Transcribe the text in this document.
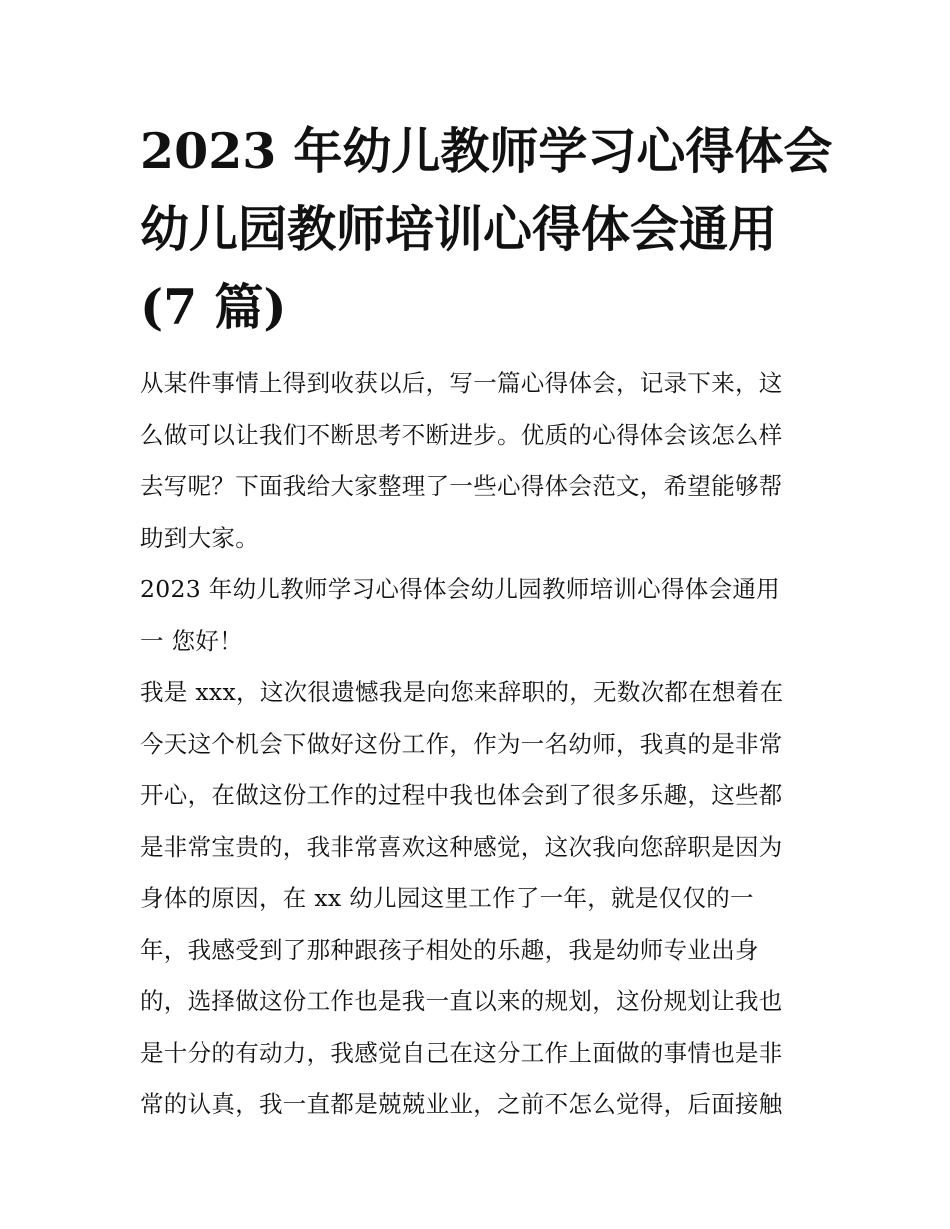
2023 年幼儿教师学习心得体会
幼儿园教师培训心得体会通用
(7 篇)
从某件事情上得到收获以后，写一篇心得体会，记录下来，这
么做可以让我们不断思考不断进步。优质的心得体会该怎么样
去写呢？下面我给大家整理了一些心得体会范文，希望能够帮
助到大家。
2023 年幼儿教师学习心得体会幼儿园教师培训心得体会通用
一 您好！
我是 xxx，这次很遗憾我是向您来辞职的，无数次都在想着在
今天这个机会下做好这份工作，作为一名幼师，我真的是非常
开心，在做这份工作的过程中我也体会到了很多乐趣，这些都
是非常宝贵的，我非常喜欢这种感觉，这次我向您辞职是因为
身体的原因，在 xx 幼儿园这里工作了一年，就是仅仅的一
年，我感受到了那种跟孩子相处的乐趣，我是幼师专业出身
的，选择做这份工作也是我一直以来的规划，这份规划让我也
是十分的有动力，我感觉自己在这分工作上面做的事情也是非
常的认真，我一直都是兢兢业业，之前不怎么觉得，后面接触
